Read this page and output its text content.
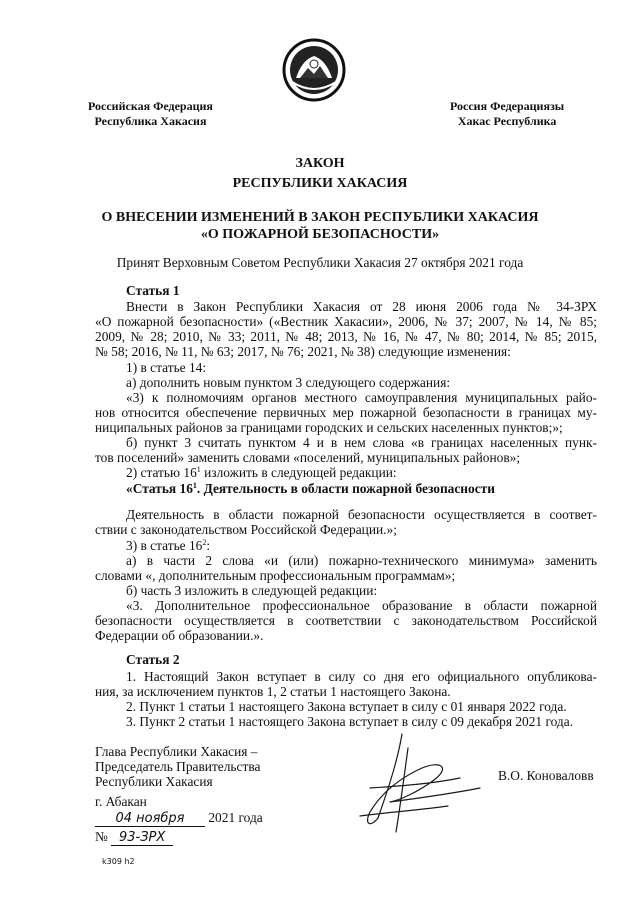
Российская Федерация
Республика Хакасия
Россия Федерациязы
Хакас Республика
ЗАКОН
РЕСПУБЛИКИ ХАКАСИЯ
О ВНЕСЕНИИ ИЗМЕНЕНИЙ В ЗАКОН РЕСПУБЛИКИ ХАКАСИЯ
«О ПОЖАРНОЙ БЕЗОПАСНОСТИ»
Принят Верховным Советом Республики Хакасия 27 октября 2021 года
Статья 1
Внести в Закон Республики Хакасия от 28 июня 2006 года № 34-ЗРХ
«О пожарной безопасности» («Вестник Хакасии», 2006, № 37; 2007, № 14, № 85;
2009, № 28; 2010, № 33; 2011, № 48; 2013, № 16, № 47, № 80; 2014, № 85; 2015,
№ 58; 2016, № 11, № 63; 2017, № 76; 2021, № 38) следующие изменения:
1) в статье 14:
а) дополнить новым пунктом 3 следующего содержания:
«3) к полномочиям органов местного самоуправления муниципальных райо-
нов относится обеспечение первичных мер пожарной безопасности в границах му-
ниципальных районов за границами городских и сельских населенных пунктов;»;
б) пункт 3 считать пунктом 4 и в нем слова «в границах населенных пунк-
тов поселений» заменить словами «поселений, муниципальных районов»;
2) статью $16^1$ изложить в следующей редакции:
«Статья $16^1$. Деятельность в области пожарной безопасности
Деятельность в области пожарной безопасности осуществляется в соответ-
ствии с законодательством Российской Федерации.»;
3) в статье $16^2$:
а) в части 2 слова «и (или) пожарно-технического минимума» заменить
словами «, дополнительным профессиональным программам»;
б) часть 3 изложить в следующей редакции:
«3. Дополнительное профессиональное образование в области пожарной
безопасности осуществляется в соответствии с законодательством Российской
Федерации об образовании.».
Статья 2
1. Настоящий Закон вступает в силу со дня его официального опубликова-
ния, за исключением пунктов 1, 2 статьи 1 настоящего Закона.
2. Пункт 1 статьи 1 настоящего Закона вступает в силу с 01 января 2022 года.
3. Пункт 2 статьи 1 настоящего Закона вступает в силу с 09 декабря 2021 года.
Глава Республики Хакасия –
Председатель Правительства
Республики Хакасия	В.О. Коноваловв
г. Абакан
04 ноября 2021 года
№ 93-ЗРХ
k309 h2
